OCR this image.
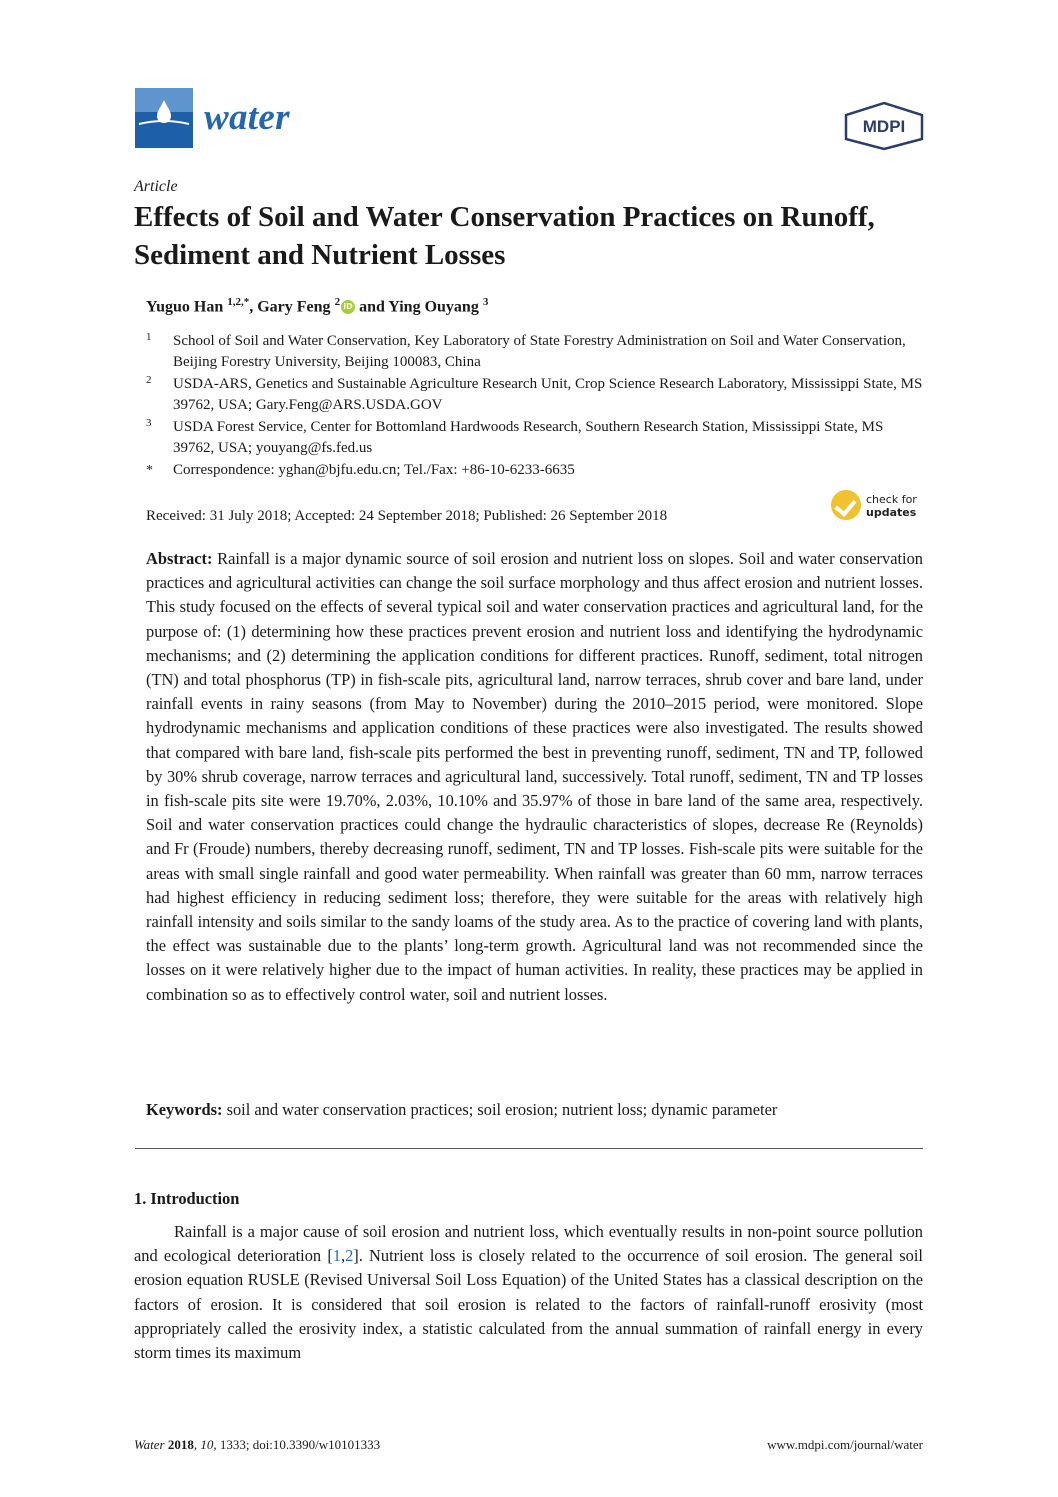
water	MDPI
Article
Effects of Soil and Water Conservation Practices on Runoff, Sediment and Nutrient Losses
Yuguo Han $^{1,2,*}$, Gary Feng $^2$ iD and Ying Ouyang $^3$
1 School of Soil and Water Conservation, Key Laboratory of State Forestry Administration on Soil and Water Conservation, Beijing Forestry University, Beijing 100083, China
2 USDA-ARS, Genetics and Sustainable Agriculture Research Unit, Crop Science Research Laboratory, Mississippi State, MS 39762, USA; Gary.Feng@ARS.USDA.GOV
3 USDA Forest Service, Center for Bottomland Hardwoods Research, Southern Research Station, Mississippi State, MS 39762, USA; youyang@fs.fed.us
* Correspondence: yghan@bjfu.edu.cn; Tel./Fax: +86-10-6233-6635
Received: 31 July 2018; Accepted: 24 September 2018; Published: 26 September 2018
check for
updates
Abstract: Rainfall is a major dynamic source of soil erosion and nutrient loss on slopes. Soil and water conservation practices and agricultural activities can change the soil surface morphology and thus affect erosion and nutrient losses. This study focused on the effects of several typical soil and water conservation practices and agricultural land, for the purpose of: (1) determining how these practices prevent erosion and nutrient loss and identifying the hydrodynamic mechanisms; and (2) determining the application conditions for different practices. Runoff, sediment, total nitrogen (TN) and total phosphorus (TP) in fish-scale pits, agricultural land, narrow terraces, shrub cover and bare land, under rainfall events in rainy seasons (from May to November) during the 2010–2015 period, were monitored. Slope hydrodynamic mechanisms and application conditions of these practices were also investigated. The results showed that compared with bare land, fish-scale pits performed the best in preventing runoff, sediment, TN and TP, followed by 30% shrub coverage, narrow terraces and agricultural land, successively. Total runoff, sediment, TN and TP losses in fish-scale pits site were 19.70%, 2.03%, 10.10% and 35.97% of those in bare land of the same area, respectively. Soil and water conservation practices could change the hydraulic characteristics of slopes, decrease Re (Reynolds) and Fr (Froude) numbers, thereby decreasing runoff, sediment, TN and TP losses. Fish-scale pits were suitable for the areas with small single rainfall and good water permeability. When rainfall was greater than 60 mm, narrow terraces had highest efficiency in reducing sediment loss; therefore, they were suitable for the areas with relatively high rainfall intensity and soils similar to the sandy loams of the study area. As to the practice of covering land with plants, the effect was sustainable due to the plants’ long-term growth. Agricultural land was not recommended since the losses on it were relatively higher due to the impact of human activities. In reality, these practices may be applied in combination so as to effectively control water, soil and nutrient losses.
Keywords: soil and water conservation practices; soil erosion; nutrient loss; dynamic parameter
1. Introduction
Rainfall is a major cause of soil erosion and nutrient loss, which eventually results in non-point source pollution and ecological deterioration [1,2]. Nutrient loss is closely related to the occurrence of soil erosion. The general soil erosion equation RUSLE (Revised Universal Soil Loss Equation) of the United States has a classical description on the factors of erosion. It is considered that soil erosion is related to the factors of rainfall-runoff erosivity (most appropriately called the erosivity index, a statistic calculated from the annual summation of rainfall energy in every storm times its maximum
Water 2018, 10, 1333; doi:10.3390/w10101333	www.mdpi.com/journal/water
